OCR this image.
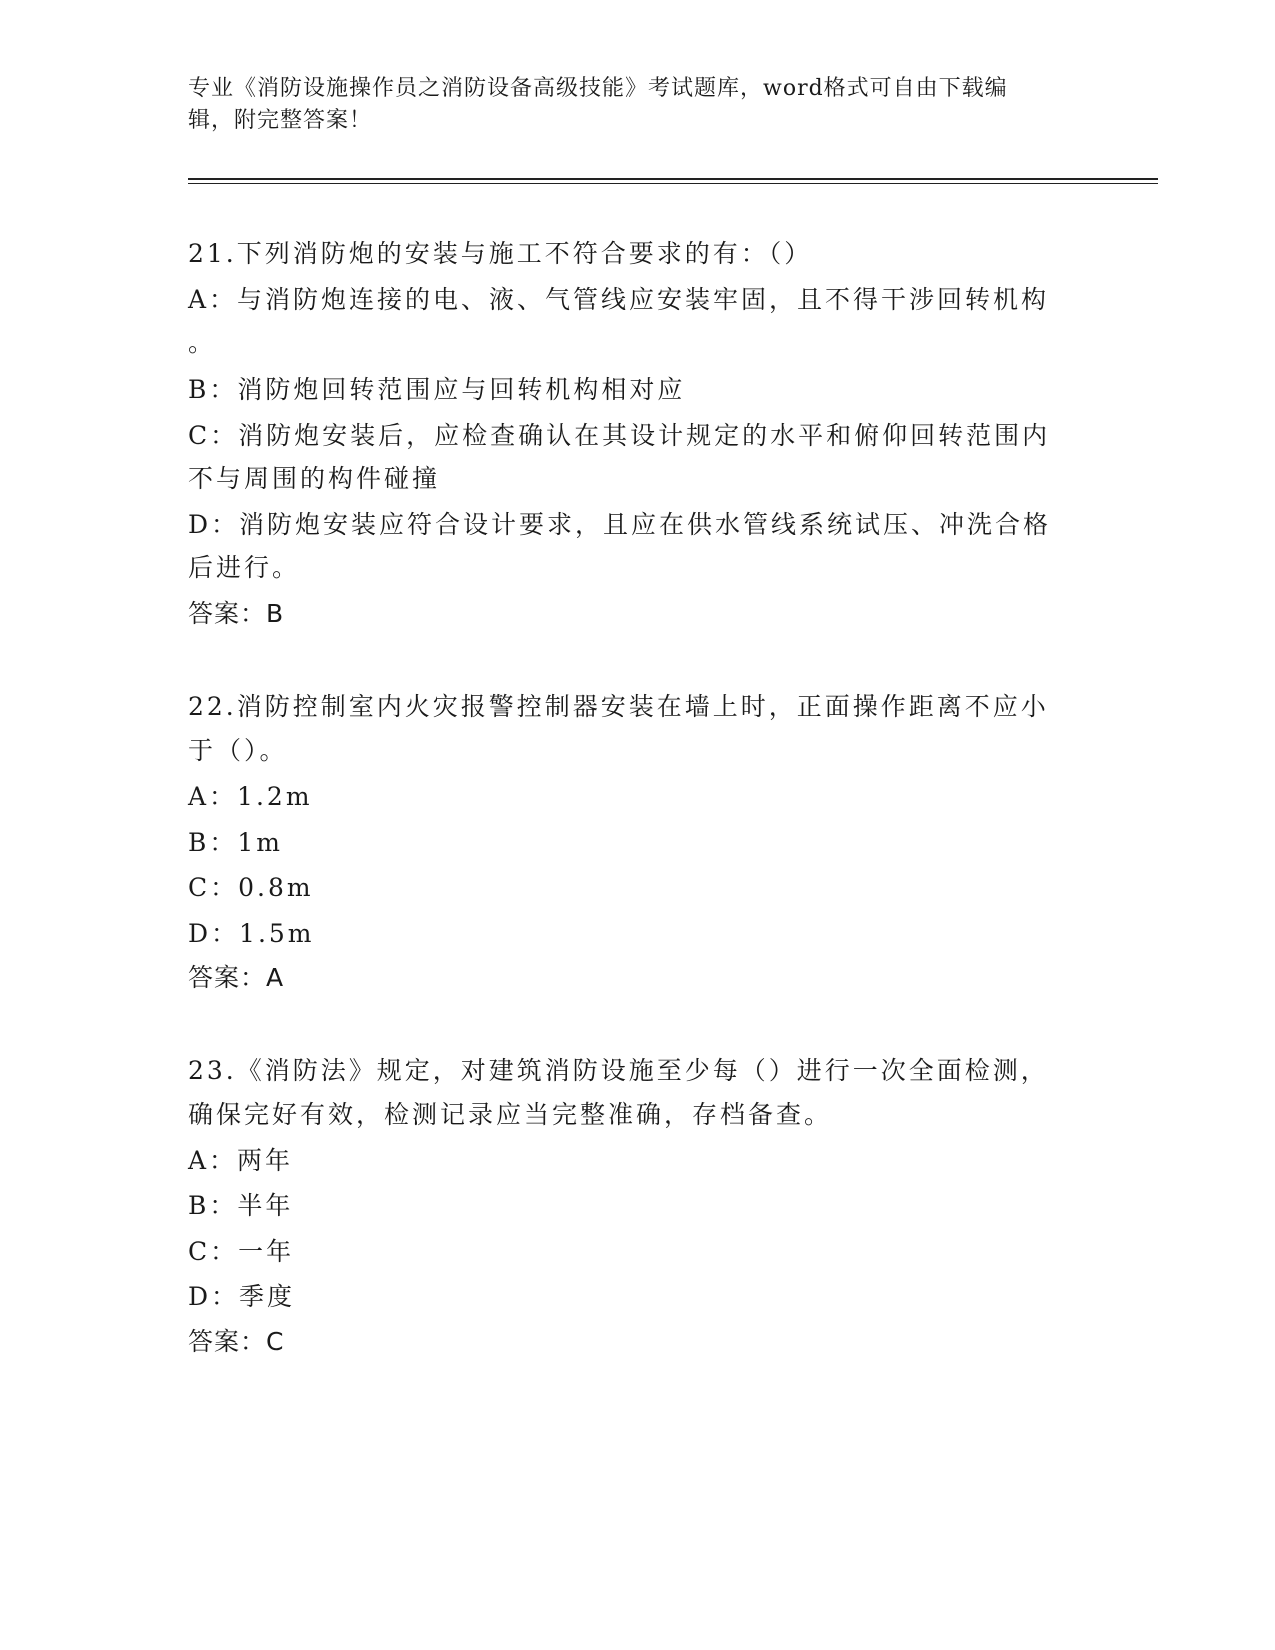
专业《消防设施操作员之消防设备高级技能》考试题库，word格式可自由下载编
辑，附完整答案！
21.下列消防炮的安装与施工不符合要求的有：（）
A：与消防炮连接的电、液、气管线应安装牢固，且不得干涉回转机构
。
B：消防炮回转范围应与回转机构相对应
C：消防炮安装后，应检查确认在其设计规定的水平和俯仰回转范围内
不与周围的构件碰撞
D：消防炮安装应符合设计要求，且应在供水管线系统试压、冲洗合格
后进行。
答案：B
22.消防控制室内火灾报警控制器安装在墙上时，正面操作距离不应小
于（）。
A：1.2m
B：1m
C：0.8m
D：1.5m
答案：A
23.《消防法》规定，对建筑消防设施至少每（）进行一次全面检测，
确保完好有效，检测记录应当完整准确，存档备查。
A：两年
B：半年
C：一年
D：季度
答案：C
